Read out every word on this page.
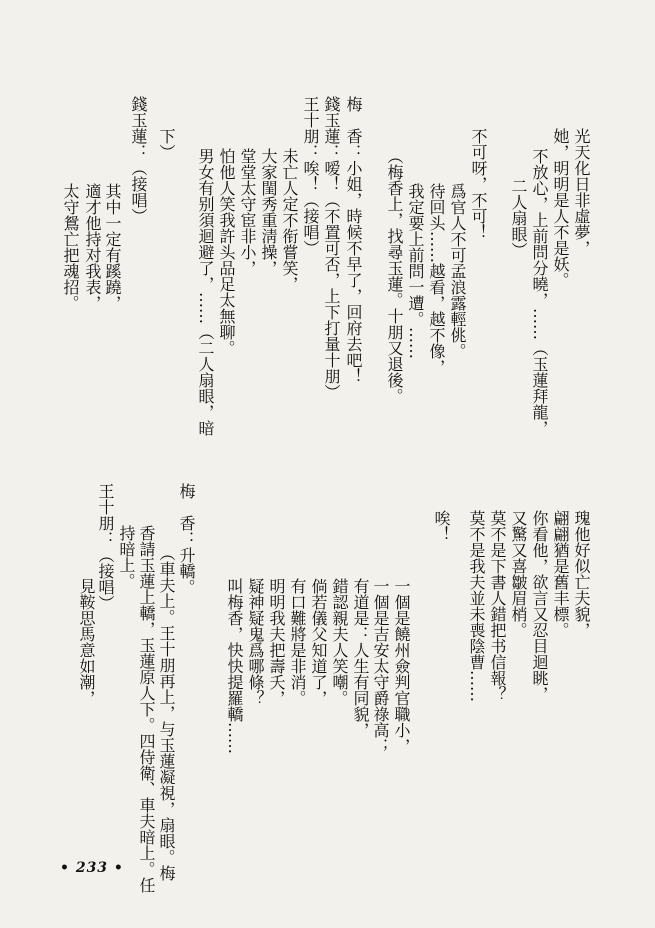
光天化日非虛夢，
她，明明是人不是妖。
不放心，上前問分曉，……（玉蓮拜龍，
二人扇眼）
不可呀，不可！
爲官人不可孟浪露輕佻。
待回头……越看，越不像，
我定要上前問一遭。……
（梅香上，找尋玉蓮。十朋又退後。
梅　香：小姐，時候不早了，回府去吧！
錢玉蓮：嗳！（不置可否，上下打量十朋）
王十朋：唉！（接唱）
未亡人定不衔嘗笑，
大家閨秀重淸操，
堂堂太守宦非小，
怕他人笑我許头品足太無聊。
男女有别須迴避了，……（二人扇眼，暗
下）
錢玉蓮：（接唱）
其中一定有蹊蹺，
適才他持对我表，
太守鴛亡把魂招。
瑰他好似亡夫貌，
翩翩猶是舊丰標。
你看他，欲言又忍目迴眺，
又驚又喜皺眉梢。
莫不是下書人錯把书信報？
莫不是我夫並未喪陰曹……
唉！
一個是饒州僉判官職小，
一個是吉安太守爵祿高；
有道是：人生有同貌，
錯認親夫人笑嘲。
倘若儀父知道了，
有口難將是非消。
明明我夫把壽夭，
疑神疑鬼爲哪條？
叫梅香，快快提羅轎……
梅　香：升轎。
（車夫上。王十朋再上，与玉蓮凝視，扇眼。梅
香請玉蓮上轎，玉蓮原人下。四侍衛、車夫暗上。任
持暗上。
王十朋：（接唱）
見鞍思馬意如潮，
• 233 •
